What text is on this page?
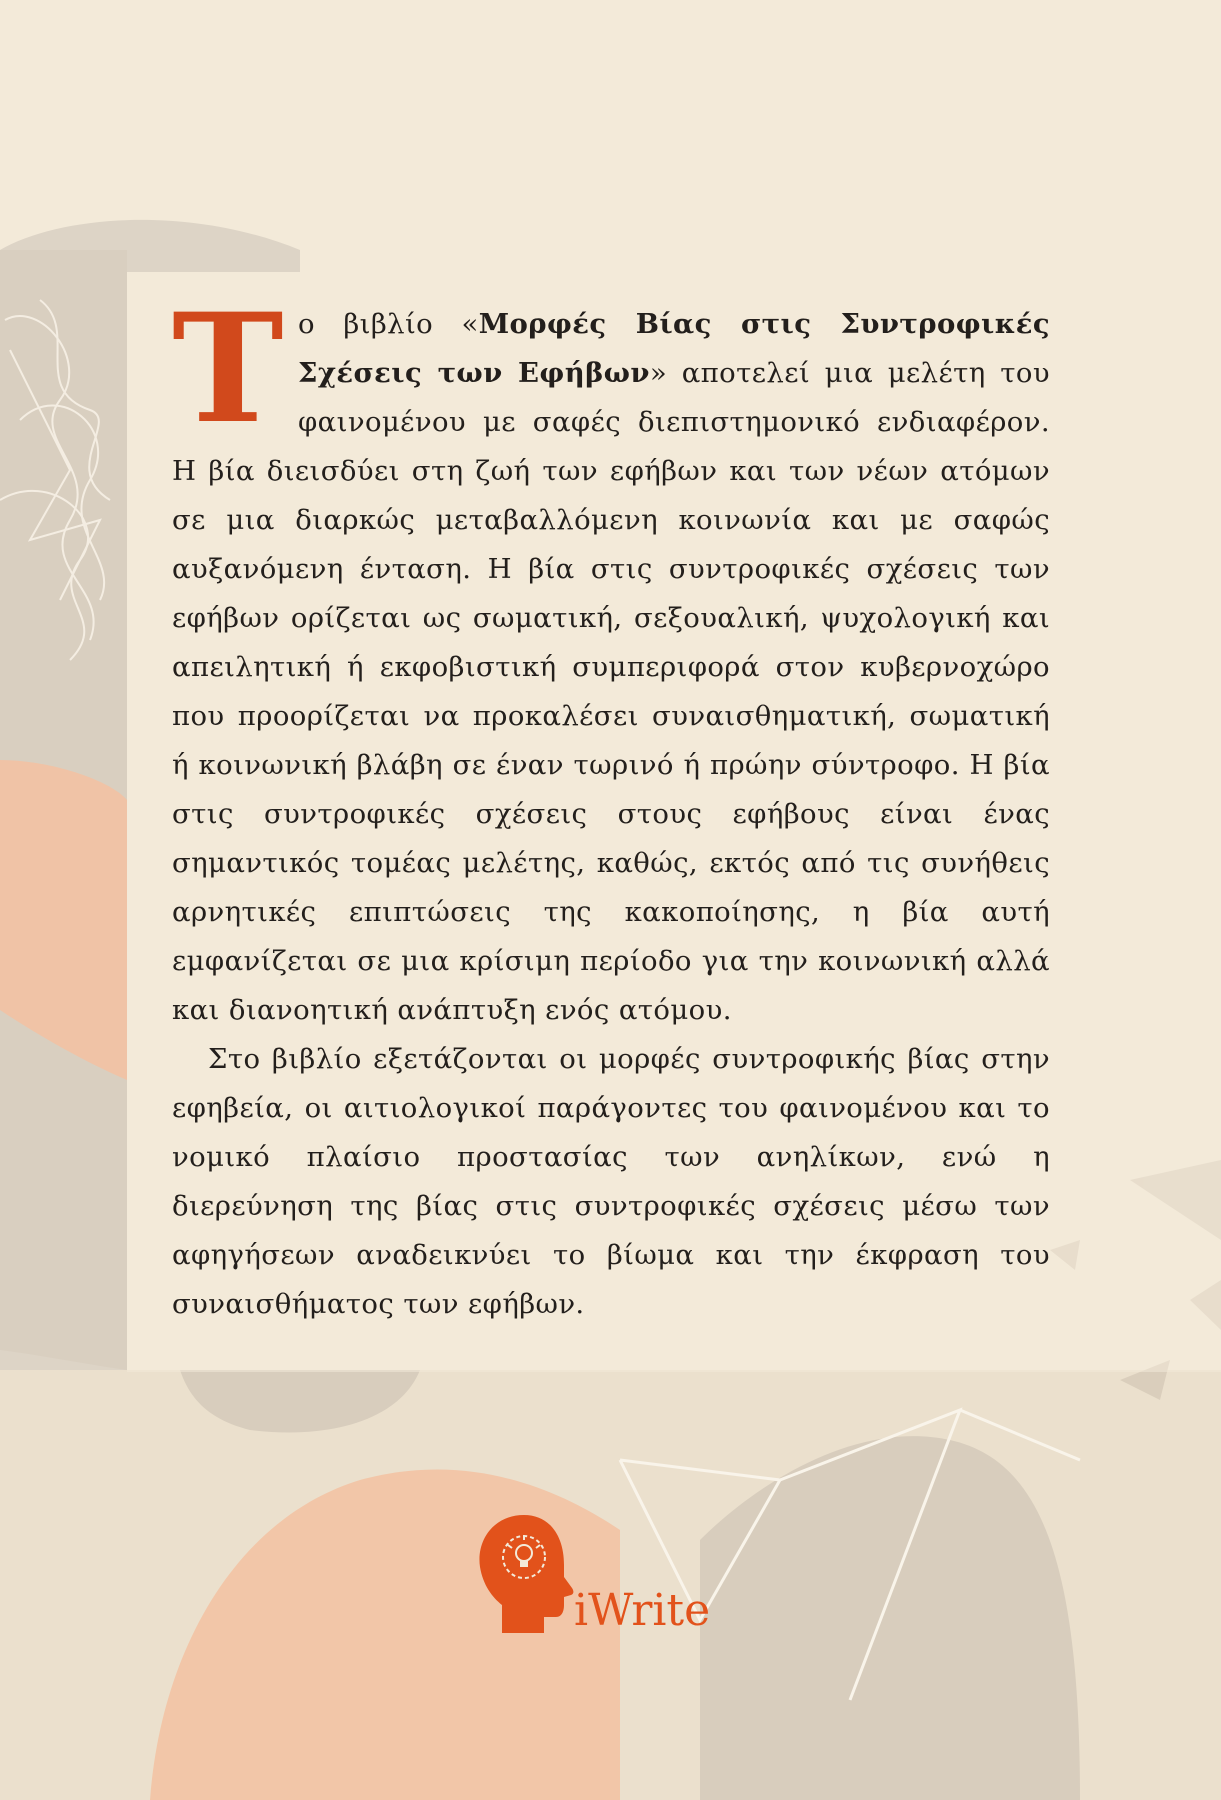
Το βιβλίο «Μορφές Βίας στις Συντροφικές Σχέσεις των Εφήβων» αποτελεί μια μελέτη του φαινομένου με σαφές διεπιστημονικό ενδιαφέρον. Η βία διεισδύει στη ζωή των εφήβων και των νέων ατόμων σε μια διαρκώς μεταβαλλόμενη κοινωνία και με σαφώς αυξανόμενη ένταση. Η βία στις συντροφικές σχέσεις των εφήβων ορίζεται ως σωματική, σεξουαλική, ψυχολογική και απειλητική ή εκφοβιστική συμπεριφορά στον κυβερνοχώρο που προορίζεται να προκαλέσει συναισθηματική, σωματική ή κοινωνική βλάβη σε έναν τωρινό ή πρώην σύντροφο. Η βία στις συντροφικές σχέσεις στους εφήβους είναι ένας σημαντικός τομέας μελέτης, καθώς, εκτός από τις συνήθεις αρνητικές επιπτώσεις της κακοποίησης, η βία αυτή εμφανίζεται σε μια κρίσιμη περίοδο για την κοινωνική αλλά και διανοητική ανάπτυξη ενός ατόμου.

Στο βιβλίο εξετάζονται οι μορφές συντροφικής βίας στην εφηβεία, οι αιτιολογικοί παράγοντες του φαινομένου και το νομικό πλαίσιο προστασίας των ανηλίκων, ενώ η διερεύνηση της βίας στις συντροφικές σχέσεις μέσω των αφηγήσεων αναδεικνύει το βίωμα και την έκφραση του συναισθήματος των εφήβων.

iWrite
